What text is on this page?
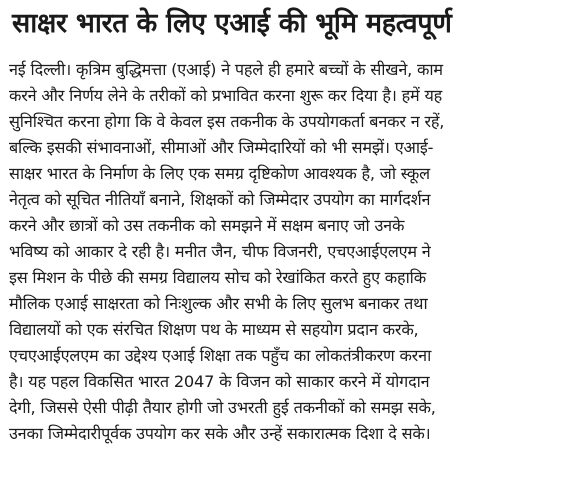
साक्षर भारत के लिए एआई की भूमि महत्वपूर्ण
नई दिल्ली। कृत्रिम बुद्धिमत्ता (एआई) ने पहले ही हमारे बच्चों के सीखने, काम
करने और निर्णय लेने के तरीकों को प्रभावित करना शुरू कर दिया है। हमें यह
सुनिश्चित करना होगा कि वे केवल इस तकनीक के उपयोगकर्ता बनकर न रहें,
बल्कि इसकी संभावनाओं, सीमाओं और जिम्मेदारियों को भी समझें। एआई-
साक्षर भारत के निर्माण के लिए एक समग्र दृष्टिकोण आवश्यक है, जो स्कूल
नेतृत्व को सूचित नीतियाँ बनाने, शिक्षकों को जिम्मेदार उपयोग का मार्गदर्शन
करने और छात्रों को उस तकनीक को समझने में सक्षम बनाए जो उनके
भविष्य को आकार दे रही है। मनीत जैन, चीफ विजनरी, एचएआईएलएम ने
इस मिशन के पीछे की समग्र विद्यालय सोच को रेखांकित करते हुए कहाकि
मौलिक एआई साक्षरता को निःशुल्क और सभी के लिए सुलभ बनाकर तथा
विद्यालयों को एक संरचित शिक्षण पथ के माध्यम से सहयोग प्रदान करके,
एचएआईएलएम का उद्देश्य एआई शिक्षा तक पहुँच का लोकतंत्रीकरण करना
है। यह पहल विकसित भारत 2047 के विजन को साकार करने में योगदान
देगी, जिससे ऐसी पीढ़ी तैयार होगी जो उभरती हुई तकनीकों को समझ सके,
उनका जिम्मेदारीपूर्वक उपयोग कर सके और उन्हें सकारात्मक दिशा दे सके।
